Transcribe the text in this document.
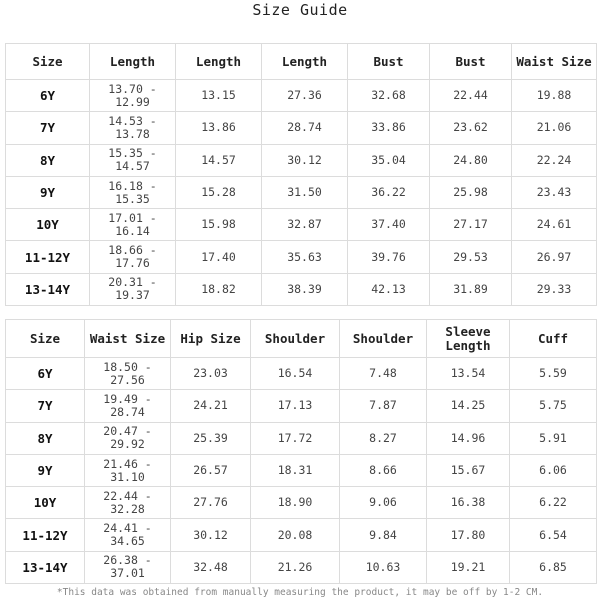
Size Guide
Size	Length	Length	Length	Bust	Bust	Waist Size
6Y	13.70 - 12.99	13.15	27.36	32.68	22.44	19.88
7Y	14.53 - 13.78	13.86	28.74	33.86	23.62	21.06
8Y	15.35 - 14.57	14.57	30.12	35.04	24.80	22.24
9Y	16.18 - 15.35	15.28	31.50	36.22	25.98	23.43
10Y	17.01 - 16.14	15.98	32.87	37.40	27.17	24.61
11-12Y	18.66 - 17.76	17.40	35.63	39.76	29.53	26.97
13-14Y	20.31 - 19.37	18.82	38.39	42.13	31.89	29.33
Size	Waist Size	Hip Size	Shoulder	Shoulder	Sleeve Length	Cuff
6Y	18.50 - 27.56	23.03	16.54	7.48	13.54	5.59
7Y	19.49 - 28.74	24.21	17.13	7.87	14.25	5.75
8Y	20.47 - 29.92	25.39	17.72	8.27	14.96	5.91
9Y	21.46 - 31.10	26.57	18.31	8.66	15.67	6.06
10Y	22.44 - 32.28	27.76	18.90	9.06	16.38	6.22
11-12Y	24.41 - 34.65	30.12	20.08	9.84	17.80	6.54
13-14Y	26.38 - 37.01	32.48	21.26	10.63	19.21	6.85
*This data was obtained from manually measuring the product, it may be off by 1-2 CM.
